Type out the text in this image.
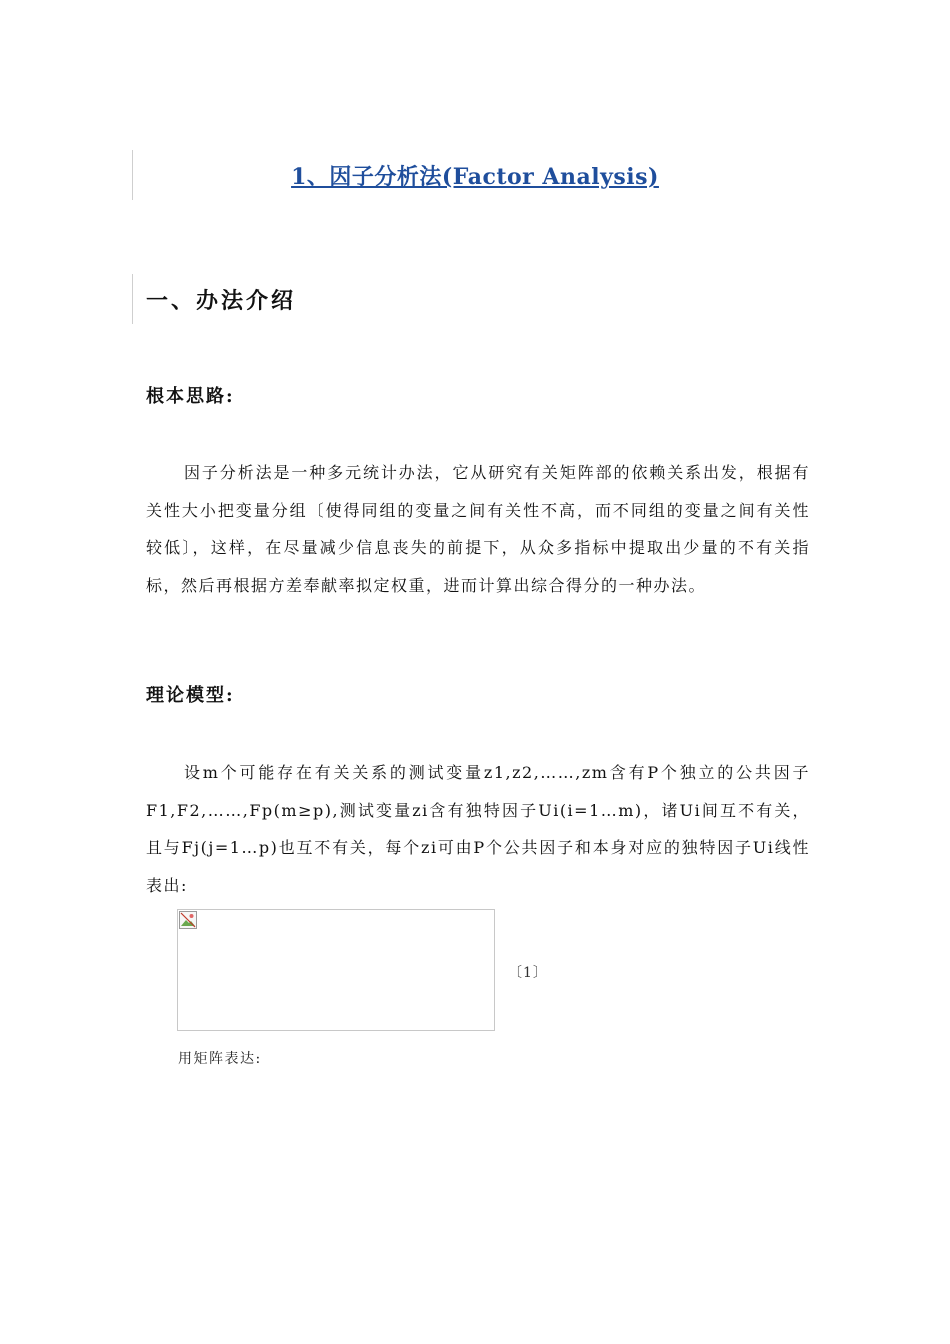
1、因子分析法(Factor Analysis)
一、办法介绍
根本思路:

因子分析法是一种多元统计办法，它从研究有关矩阵部的依赖关系出发，根据有关性大小把变量分组〔使得同组的变量之间有关性不高，而不同组的变量之间有关性较低〕，这样，在尽量减少信息丧失的前提下，从众多指标中提取出少量的不有关指标，然后再根据方差奉献率拟定权重，进而计算出综合得分的一种办法。

理论模型:

设m个可能存在有关关系的测试变量z1,z2,……,zm含有P个独立的公共因子F1,F2,……,Fp(m≥p),测试变量zi含有独特因子Ui(i=1…m)，诸Ui间互不有关，且与Fj(j=1…p)也互不有关，每个zi可由P个公共因子和本身对应的独特因子Ui线性表出:

〔1〕
用矩阵表达:
